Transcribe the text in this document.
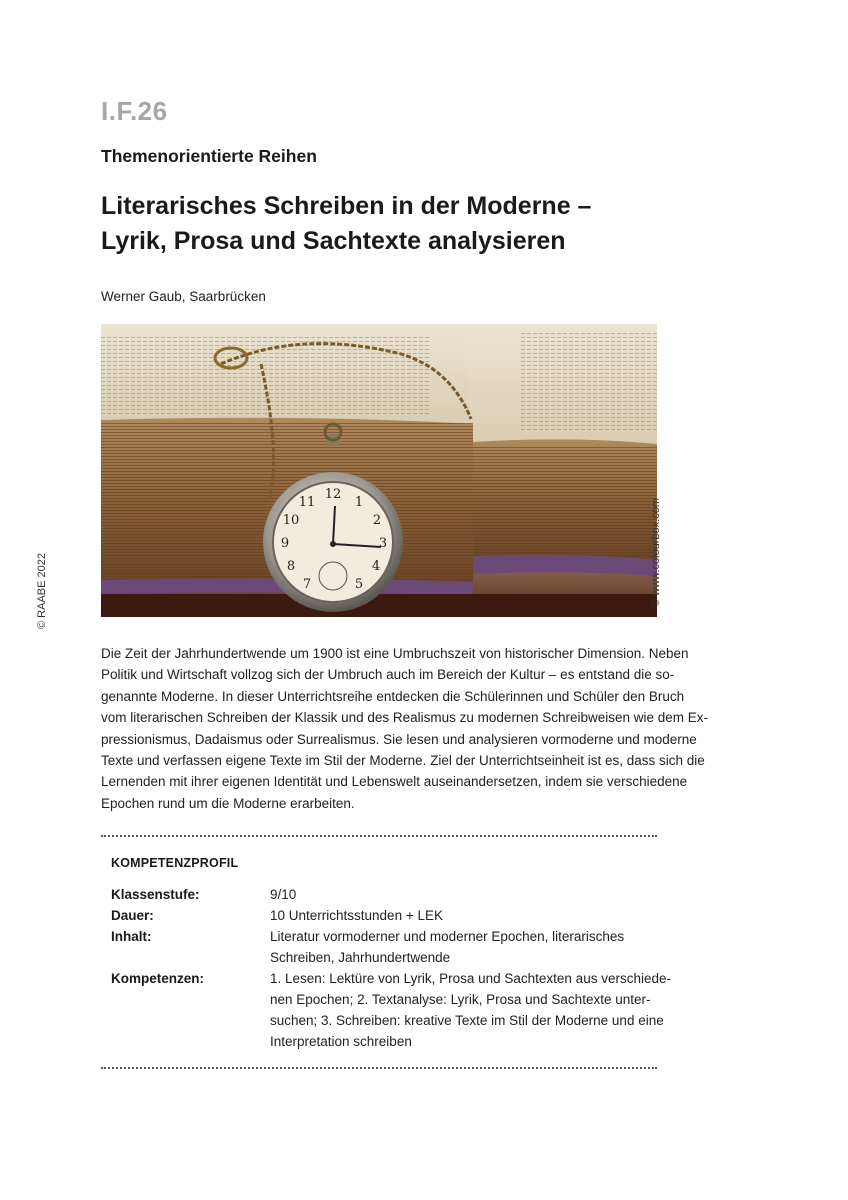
I.F.26
Themenorientierte Reihen
Literarisches Schreiben in der Moderne –
Lyrik, Prosa und Sachtexte analysieren
Werner Gaub, Saarbrücken
12
1
2
3
4
5
7
8
9
10
11	© www.colourbox.com
© RAABE 2022

Die Zeit der Jahrhundertwende um 1900 ist eine Umbruchszeit von historischer Dimension. Neben
Politik und Wirtschaft vollzog sich der Umbruch auch im Bereich der Kultur – es entstand die so-
genannte Moderne. In dieser Unterrichtsreihe entdecken die Schülerinnen und Schüler den Bruch
vom literarischen Schreiben der Klassik und des Realismus zu modernen Schreibweisen wie dem Ex-
pressionismus, Dadaismus oder Surrealismus. Sie lesen und analysieren vormoderne und moderne
Texte und verfassen eigene Texte im Stil der Moderne. Ziel der Unterrichtseinheit ist es, dass sich die
Lernenden mit ihrer eigenen Identität und Lebenswelt auseinandersetzen, indem sie verschiedene
Epochen rund um die Moderne erarbeiten.

KOMPETENZPROFIL
Klassenstufe:	9/10
Dauer:	10 Unterrichtsstunden + LEK
Inhalt:	Literatur vormoderner und moderner Epochen, literarisches
Schreiben, Jahrhundertwende
Kompetenzen:	1. Lesen: Lektüre von Lyrik, Prosa und Sachtexten aus verschiede-
nen Epochen; 2. Textanalyse: Lyrik, Prosa und Sachtexte unter-
suchen; 3. Schreiben: kreative Texte im Stil der Moderne und eine
Interpretation schreiben
